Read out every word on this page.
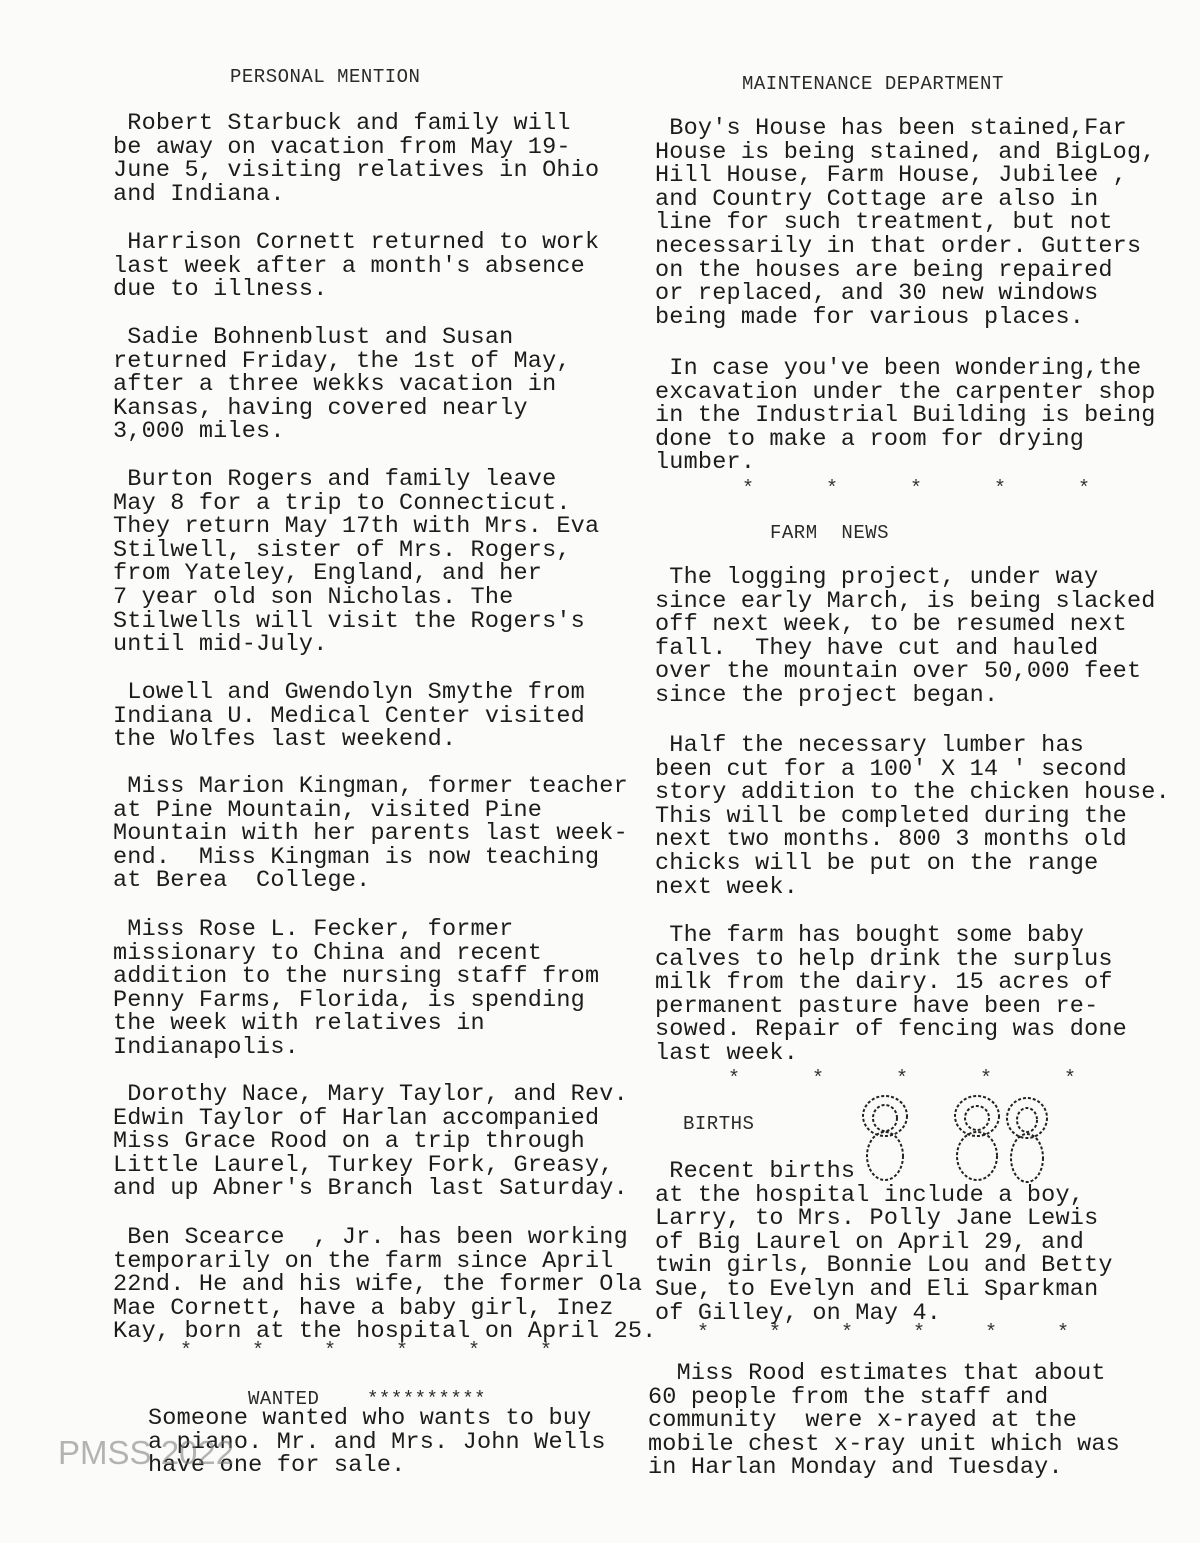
PERSONAL MENTION
Robert Starbuck and family will
be away on vacation from May 19-
June 5, visiting relatives in Ohio
and Indiana.
Harrison Cornett returned to work
last week after a month's absence
due to illness.
Sadie Bohnenblust and Susan
returned Friday, the 1st of May,
after a three wekks vacation in
Kansas, having covered nearly
3,000 miles.
Burton Rogers and family leave
May 8 for a trip to Connecticut.
They return May 17th with Mrs. Eva
Stilwell, sister of Mrs. Rogers,
from Yateley, England, and her
7 year old son Nicholas. The
Stilwells will visit the Rogers's
until mid-July.
Lowell and Gwendolyn Smythe from
Indiana U. Medical Center visited
the Wolfes last weekend.
Miss Marion Kingman, former teacher
at Pine Mountain, visited Pine
Mountain with her parents last week-
end.  Miss Kingman is now teaching
at Berea  College.
Miss Rose L. Fecker, former
missionary to China and recent
addition to the nursing staff from
Penny Farms, Florida, is spending
the week with relatives in
Indianapolis.
Dorothy Nace, Mary Taylor, and Rev.
Edwin Taylor of Harlan accompanied
Miss Grace Rood on a trip through
Little Laurel, Turkey Fork, Greasy,
and up Abner's Branch last Saturday.
Ben Scearce  , Jr. has been working
temporarily on the farm since April
22nd. He and his wife, the former Ola
Mae Cornett, have a baby girl, Inez
Kay, born at the hospital on April 25.
*     *     *     *     *     *
WANTED    **********
Someone wanted who wants to buy
a piano. Mr. and Mrs. John Wells
have one for sale.
MAINTENANCE DEPARTMENT
Boy's House has been stained,Far
House is being stained, and BigLog,
Hill House, Farm House, Jubilee ,
and Country Cottage are also in
line for such treatment, but not
necessarily in that order. Gutters
on the houses are being repaired
or replaced, and 30 new windows
being made for various places.
In case you've been wondering,the
excavation under the carpenter shop
in the Industrial Building is being
done to make a room for drying
lumber.
The logging project, under way
since early March, is being slacked
off next week, to be resumed next
fall.  They have cut and hauled
over the mountain over 50,000 feet
since the project began.
Half the necessary lumber has
been cut for a 100' X 14 ' second
story addition to the chicken house.
This will be completed during the
next two months. 800 3 months old
chicks will be put on the range
next week.
The farm has bought some baby
calves to help drink the surplus
milk from the dairy. 15 acres of
permanent pasture have been re-
sowed. Repair of fencing was done
last week.
Recent births
at the hospital include a boy,
Larry, to Mrs. Polly Jane Lewis
of Big Laurel on April 29, and
twin girls, Bonnie Lou and Betty
Sue, to Evelyn and Eli Sparkman
of Gilley, on May 4.
Miss Rood estimates that about
60 people from the staff and
community  were x-rayed at the
mobile chest x-ray unit which was
in Harlan Monday and Tuesday.
*      *      *      *      *
FARM  NEWS
*      *      *      *      *
BIRTHS
*     *     *     *     *     *
PMSS 2022
